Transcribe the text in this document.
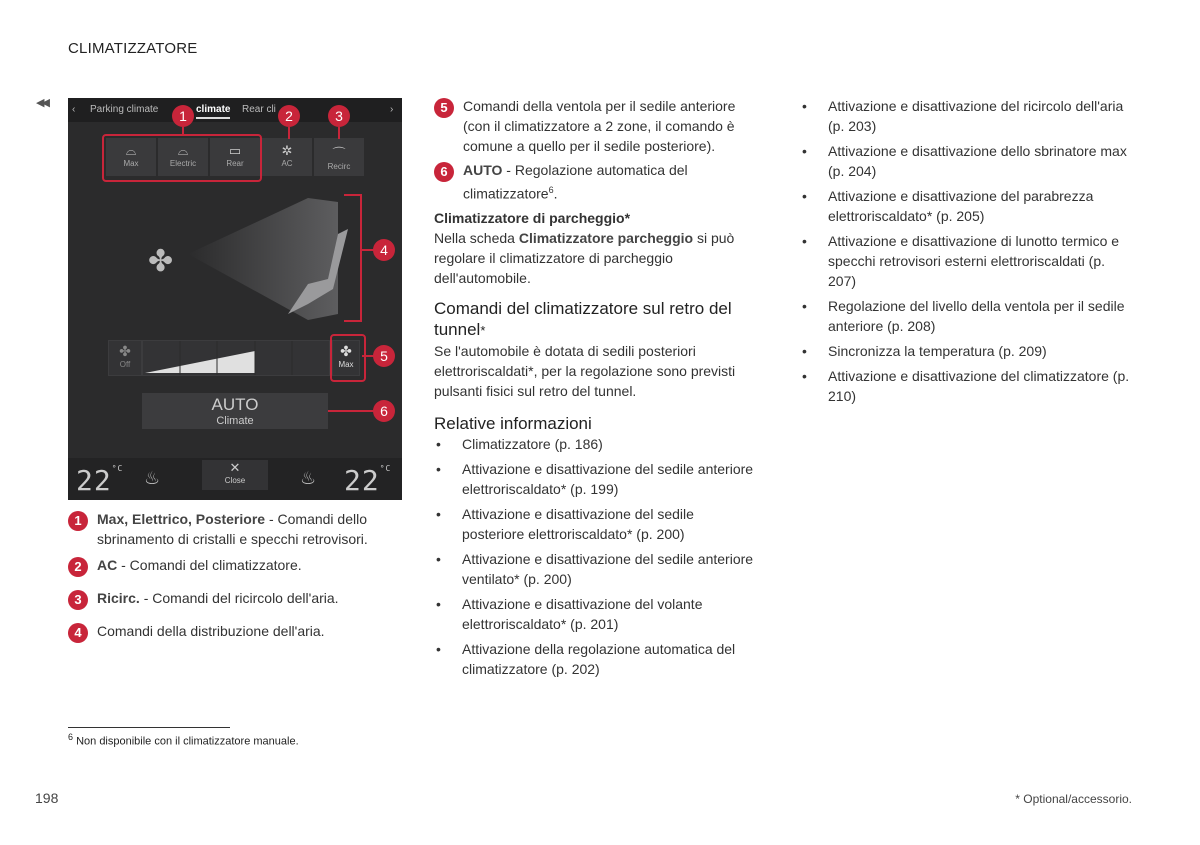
CLIMATIZZATORE
◀◀
‹ Parking climate	climate Rear cli	›
⌓
Max
⌓
Electric
▭
Rear
✲
AC
⌒
Recirc
1	2	3
✤	4
✤
Off
✤
Max
5
AUTO
Climate
6
$22^{^\circ C}$ ♨
✕
Close	♨ $22^{^\circ C}$
1	Max, Elettrico, Posteriore - Comandi dello sbrinamento di cristalli e specchi retrovisori.
2	AC - Comandi del climatizzatore.
3	Ricirc. - Comandi del ricircolo dell'aria.
4	Comandi della distribuzione dell'aria.
5	Comandi della ventola per il sedile anteriore (con il climatizzatore a 2 zone, il comando è comune a quello per il sedile posteriore).
6	AUTO - Regolazione automatica del climatizzatore$^6$.
Climatizzatore di parcheggio*
Nella scheda Climatizzatore parcheggio si può regolare il climatizzatore di parcheggio dell'automobile.
Comandi del climatizzatore sul retro del tunnel*
Se l'automobile è dotata di sedili posteriori elettroriscaldati*, per la regolazione sono previsti pulsanti fisici sul retro del tunnel.
Relative informazioni
• Climatizzatore (p. 186)
• Attivazione e disattivazione del sedile anteriore elettroriscaldato* (p. 199)
• Attivazione e disattivazione del sedile posteriore elettroriscaldato* (p. 200)
• Attivazione e disattivazione del sedile anteriore ventilato* (p. 200)
• Attivazione e disattivazione del volante elettroriscaldato* (p. 201)
• Attivazione della regolazione automatica del climatizzatore (p. 202)
• Attivazione e disattivazione del ricircolo dell'aria (p. 203)
• Attivazione e disattivazione dello sbrinatore max (p. 204)
• Attivazione e disattivazione del parabrezza elettroriscaldato* (p. 205)
• Attivazione e disattivazione di lunotto termico e specchi retrovisori esterni elettroriscaldati (p. 207)
• Regolazione del livello della ventola per il sedile anteriore (p. 208)
• Sincronizza la temperatura (p. 209)
• Attivazione e disattivazione del climatizzatore (p. 210)
$^6$ Non disponibile con il climatizzatore manuale.
198	* Optional/accessorio.
